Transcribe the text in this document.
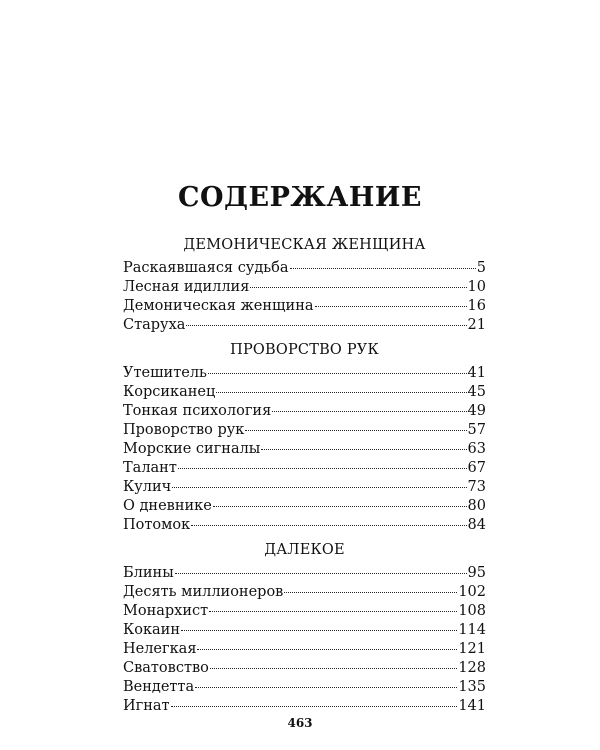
СОДЕРЖАНИЕ
ДЕМОНИЧЕСКАЯ ЖЕНЩИНА
Раскаявшаяся судьба	5
Лесная идиллия	10
Демоническая женщина	16
Старуха	21
ПРОВОРСТВО РУК
Утешитель	41
Корсиканец	45
Тонкая психология	49
Проворство рук	57
Морские сигналы	63
Талант	67
Кулич	73
О дневнике	80
Потомок	84
ДАЛЕКОЕ
Блины	95
Десять миллионеров	102
Монархист	108
Кокаин	114
Нелегкая	121
Сватовство	128
Вендетта	135
Игнат	141
463
